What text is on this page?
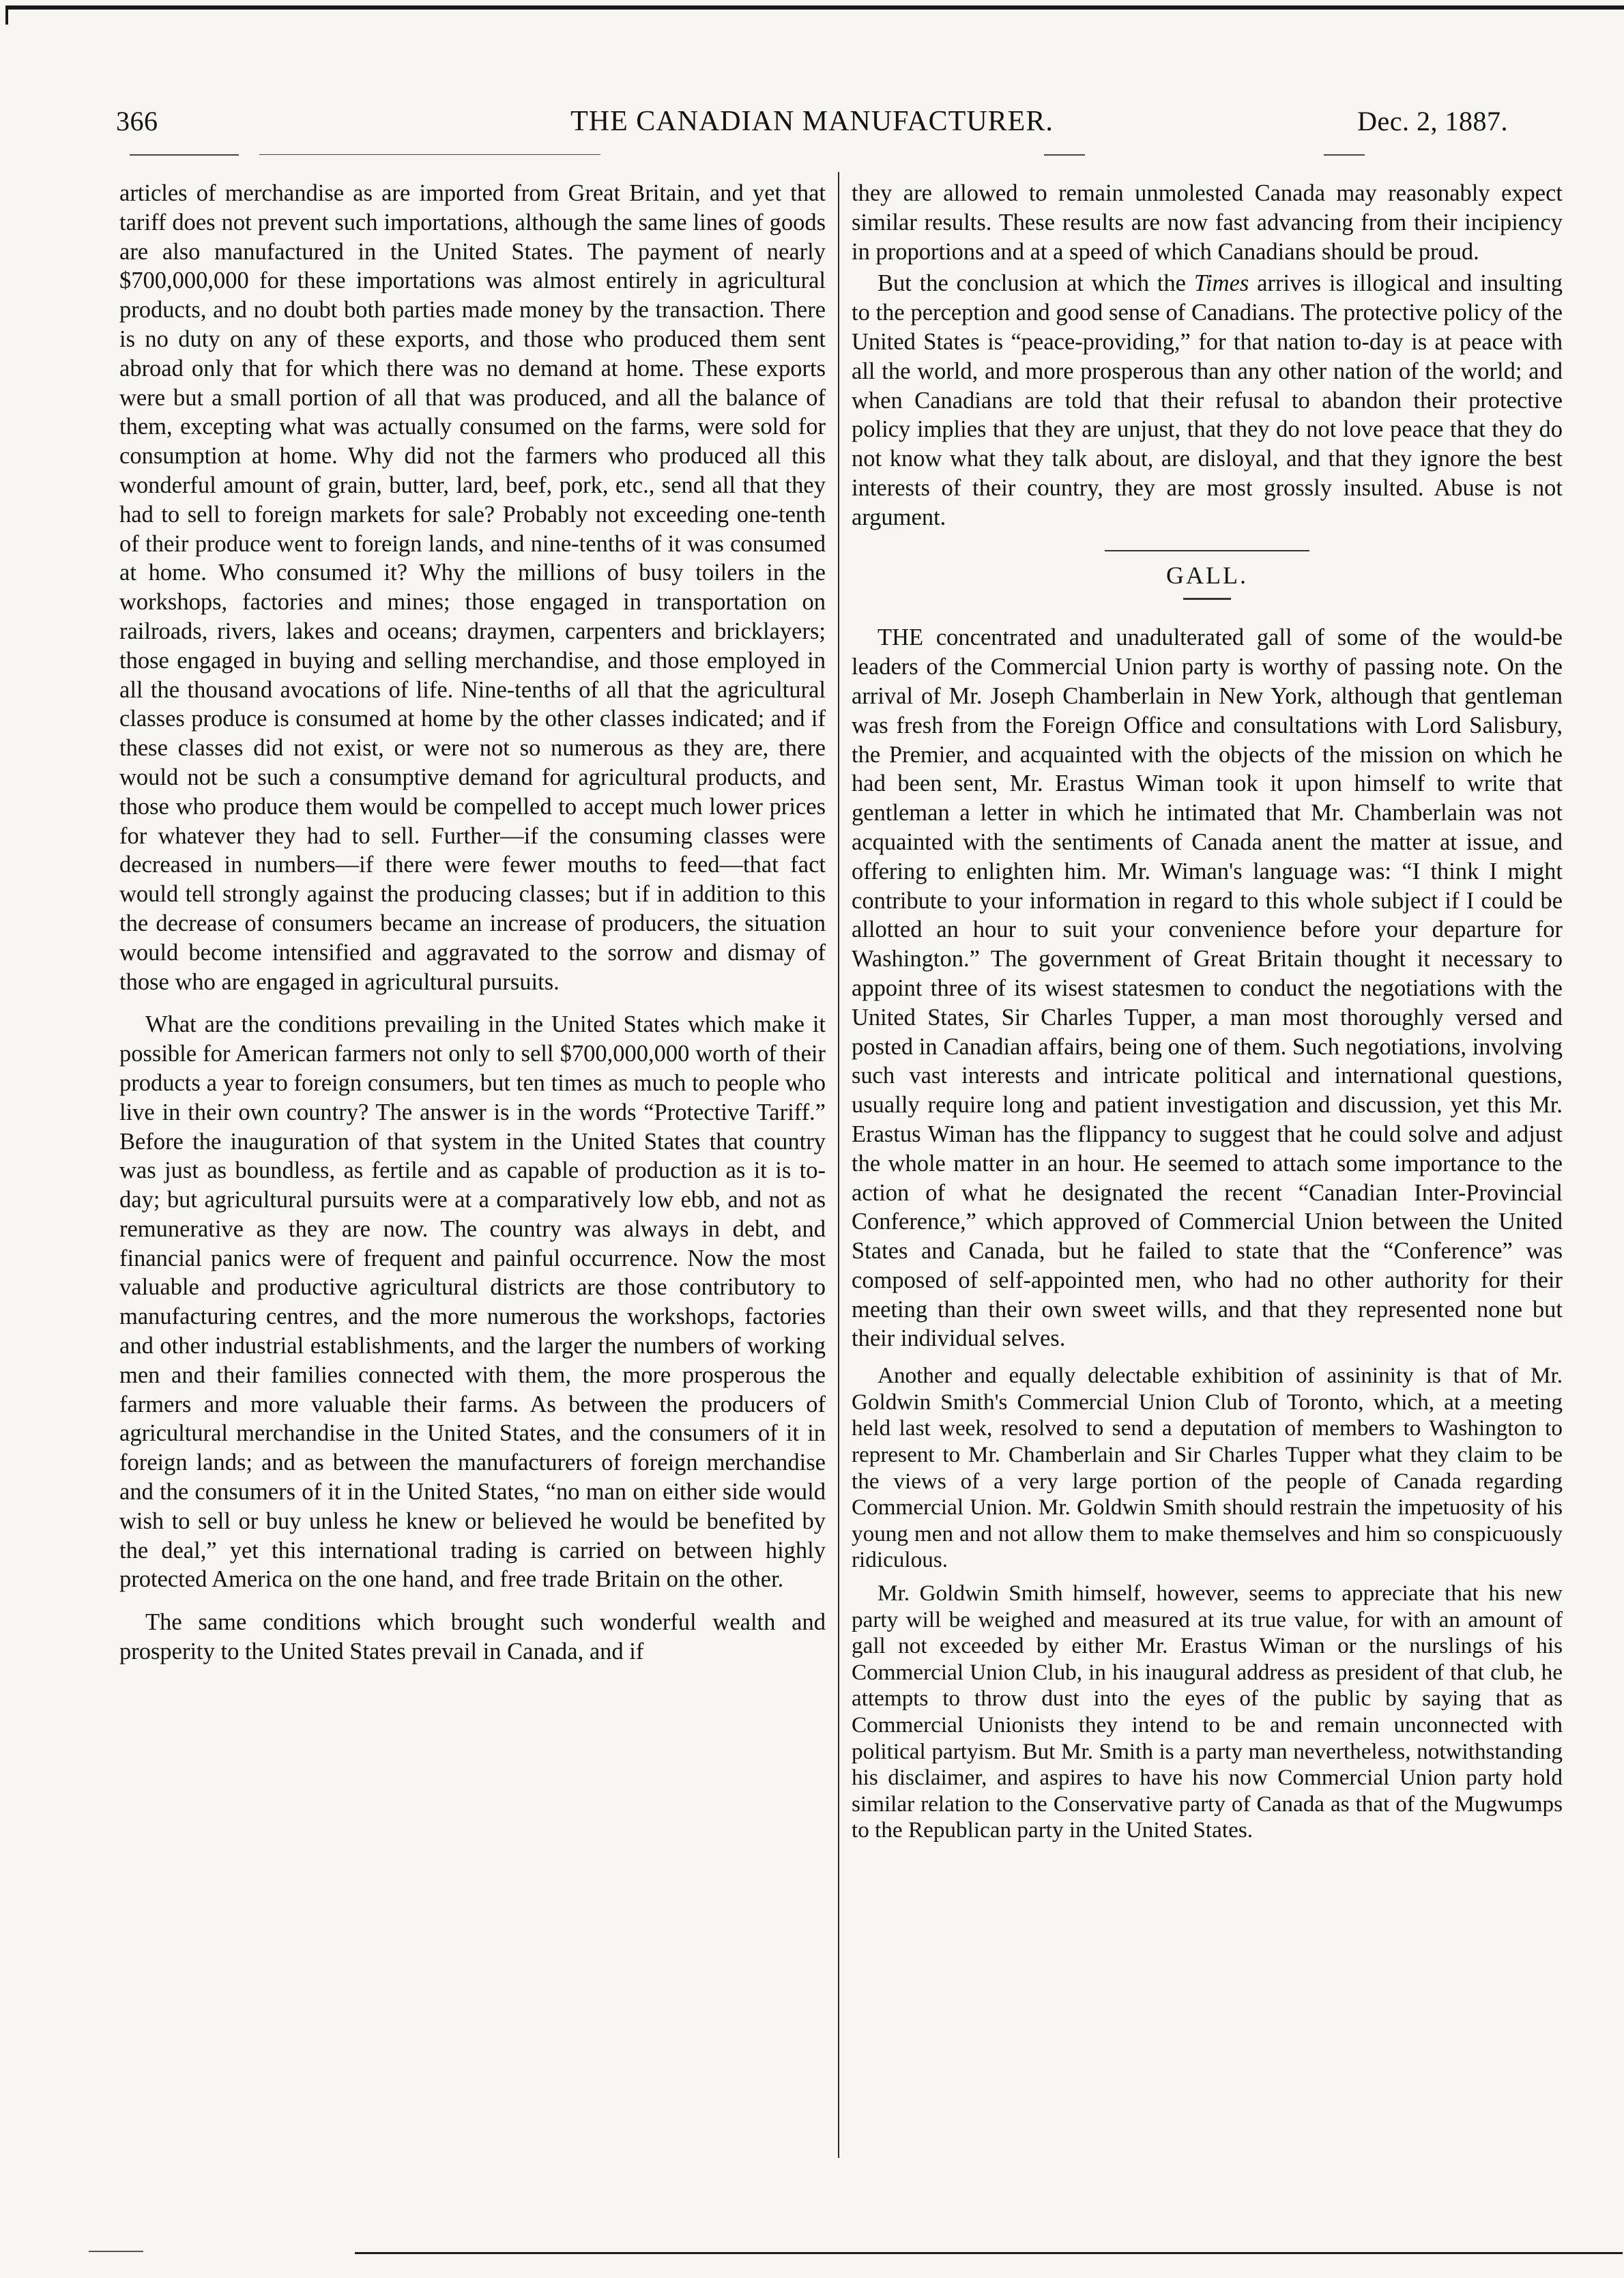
366	THE CANADIAN MANUFACTURER.	Dec. 2, 1887.

articles of merchandise as are imported from Great Britain, and yet that tariff does not prevent such importations, although the same lines of goods are also manufactured in the United States. The payment of nearly $700,000,000 for these importations was almost entirely in agricultural products, and no doubt both parties made money by the transaction. There is no duty on any of these exports, and those who produced them sent abroad only that for which there was no demand at home. These exports were but a small portion of all that was produced, and all the balance of them, excepting what was actually consumed on the farms, were sold for consumption at home. Why did not the farmers who produced all this wonderful amount of grain, butter, lard, beef, pork, etc., send all that they had to sell to foreign markets for sale? Probably not exceeding one-tenth of their produce went to foreign lands, and nine-tenths of it was consumed at home. Who consumed it? Why the millions of busy toilers in the workshops, factories and mines; those engaged in transportation on railroads, rivers, lakes and oceans; draymen, carpenters and bricklayers; those engaged in buying and selling merchandise, and those employed in all the thousand avocations of life. Nine-tenths of all that the agricultural classes produce is consumed at home by the other classes indicated; and if these classes did not exist, or were not so numerous as they are, there would not be such a consumptive demand for agricultural products, and those who produce them would be compelled to accept much lower prices for whatever they had to sell. Further—if the consuming classes were decreased in numbers—if there were fewer mouths to feed—that fact would tell strongly against the producing classes; but if in addition to this the decrease of consumers became an increase of producers, the situation would become intensified and aggravated to the sorrow and dismay of those who are engaged in agricultural pursuits.

What are the conditions prevailing in the United States which make it possible for American farmers not only to sell $700,000,000 worth of their products a year to foreign consumers, but ten times as much to people who live in their own country? The answer is in the words “Protective Tariff.” Before the inauguration of that system in the United States that country was just as boundless, as fertile and as capable of production as it is to-day; but agricultural pursuits were at a comparatively low ebb, and not as remunerative as they are now. The country was always in debt, and financial panics were of frequent and painful occurrence. Now the most valuable and productive agricultural districts are those contributory to manufacturing centres, and the more numerous the workshops, factories and other industrial establishments, and the larger the numbers of working men and their families connected with them, the more prosperous the farmers and more valuable their farms. As between the producers of agricultural merchandise in the United States, and the consumers of it in foreign lands; and as between the manufacturers of foreign merchandise and the consumers of it in the United States, “no man on either side would wish to sell or buy unless he knew or believed he would be benefited by the deal,” yet this international trading is carried on between highly protected America on the one hand, and free trade Britain on the other.

The same conditions which brought such wonderful wealth and prosperity to the United States prevail in Canada, and if

they are allowed to remain unmolested Canada may reasonably expect similar results. These results are now fast advancing from their incipiency in proportions and at a speed of which Canadians should be proud.

But the conclusion at which the Times arrives is illogical and insulting to the perception and good sense of Canadians. The protective policy of the United States is “peace-providing,” for that nation to-day is at peace with all the world, and more prosperous than any other nation of the world; and when Canadians are told that their refusal to abandon their protective policy implies that they are unjust, that they do not love peace that they do not know what they talk about, are disloyal, and that they ignore the best interests of their country, they are most grossly insulted. Abuse is not argument.

GALL.

THE concentrated and unadulterated gall of some of the would-be leaders of the Commercial Union party is worthy of passing note. On the arrival of Mr. Joseph Chamberlain in New York, although that gentleman was fresh from the Foreign Office and consultations with Lord Salisbury, the Premier, and acquainted with the objects of the mission on which he had been sent, Mr. Erastus Wiman took it upon himself to write that gentleman a letter in which he intimated that Mr. Chamberlain was not acquainted with the sentiments of Canada anent the matter at issue, and offering to enlighten him. Mr. Wiman's language was: “I think I might contribute to your information in regard to this whole subject if I could be allotted an hour to suit your convenience before your departure for Washington.” The government of Great Britain thought it necessary to appoint three of its wisest statesmen to conduct the negotiations with the United States, Sir Charles Tupper, a man most thoroughly versed and posted in Canadian affairs, being one of them. Such negotiations, involving such vast interests and intricate political and international questions, usually require long and patient investigation and discussion, yet this Mr. Erastus Wiman has the flippancy to suggest that he could solve and adjust the whole matter in an hour. He seemed to attach some importance to the action of what he designated the recent “Canadian Inter-Provincial Conference,” which approved of Commercial Union between the United States and Canada, but he failed to state that the “Conference” was composed of self-appointed men, who had no other authority for their meeting than their own sweet wills, and that they represented none but their individual selves.

Another and equally delectable exhibition of assininity is that of Mr. Goldwin Smith's Commercial Union Club of Toronto, which, at a meeting held last week, resolved to send a deputation of members to Washington to represent to Mr. Chamberlain and Sir Charles Tupper what they claim to be the views of a very large portion of the people of Canada regarding Commercial Union. Mr. Goldwin Smith should restrain the impetuosity of his young men and not allow them to make themselves and him so conspicuously ridiculous.

Mr. Goldwin Smith himself, however, seems to appreciate that his new party will be weighed and measured at its true value, for with an amount of gall not exceeded by either Mr. Erastus Wiman or the nurslings of his Commercial Union Club, in his inaugural address as president of that club, he attempts to throw dust into the eyes of the public by saying that as Commercial Unionists they intend to be and remain unconnected with political partyism. But Mr. Smith is a party man nevertheless, notwithstanding his disclaimer, and aspires to have his now Commercial Union party hold similar relation to the Conservative party of Canada as that of the Mugwumps to the Republican party in the United States.
